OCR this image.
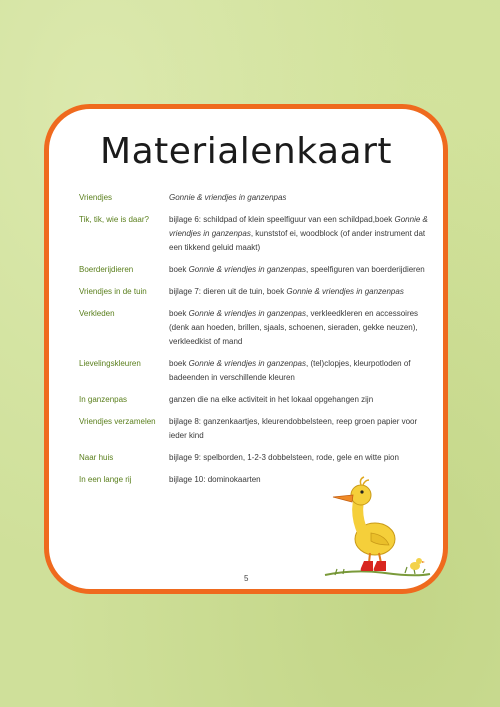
Materialenkaart
Vriendjes	Gonnie & vriendjes in ganzenpas
Tik, tik, wie is daar?	bijlage 6: schildpad of klein speelfiguur van een schildpad,boek Gonnie & vriendjes in ganzenpas, kunststof ei, woodblock (of ander instrument dat een tikkend geluid maakt)
Boerderijdieren	boek Gonnie & vriendjes in ganzenpas, speelfiguren van boerderijdieren
Vriendjes in de tuin	bijlage 7: dieren uit de tuin, boek Gonnie & vriendjes in ganzenpas
Verkleden	boek Gonnie & vriendjes in ganzenpas, verkleedkleren en accessoires (denk aan hoeden, brillen, sjaals, schoenen, sieraden, gekke neuzen), verkleedkist of mand
Lievelingskleuren	boek Gonnie & vriendjes in ganzenpas, (tel)clopjes, kleurpotloden of badeenden in verschillende kleuren
In ganzenpas	ganzen die na elke activiteit in het lokaal opgehangen zijn
Vriendjes verzamelen	bijlage 8: ganzenkaartjes, kleurendobbelsteen, reep groen papier voor ieder kind
Naar huis	bijlage 9: spelborden, 1-2-3 dobbelsteen, rode, gele en witte pion
In een lange rij	bijlage 10: dominokaarten
5
